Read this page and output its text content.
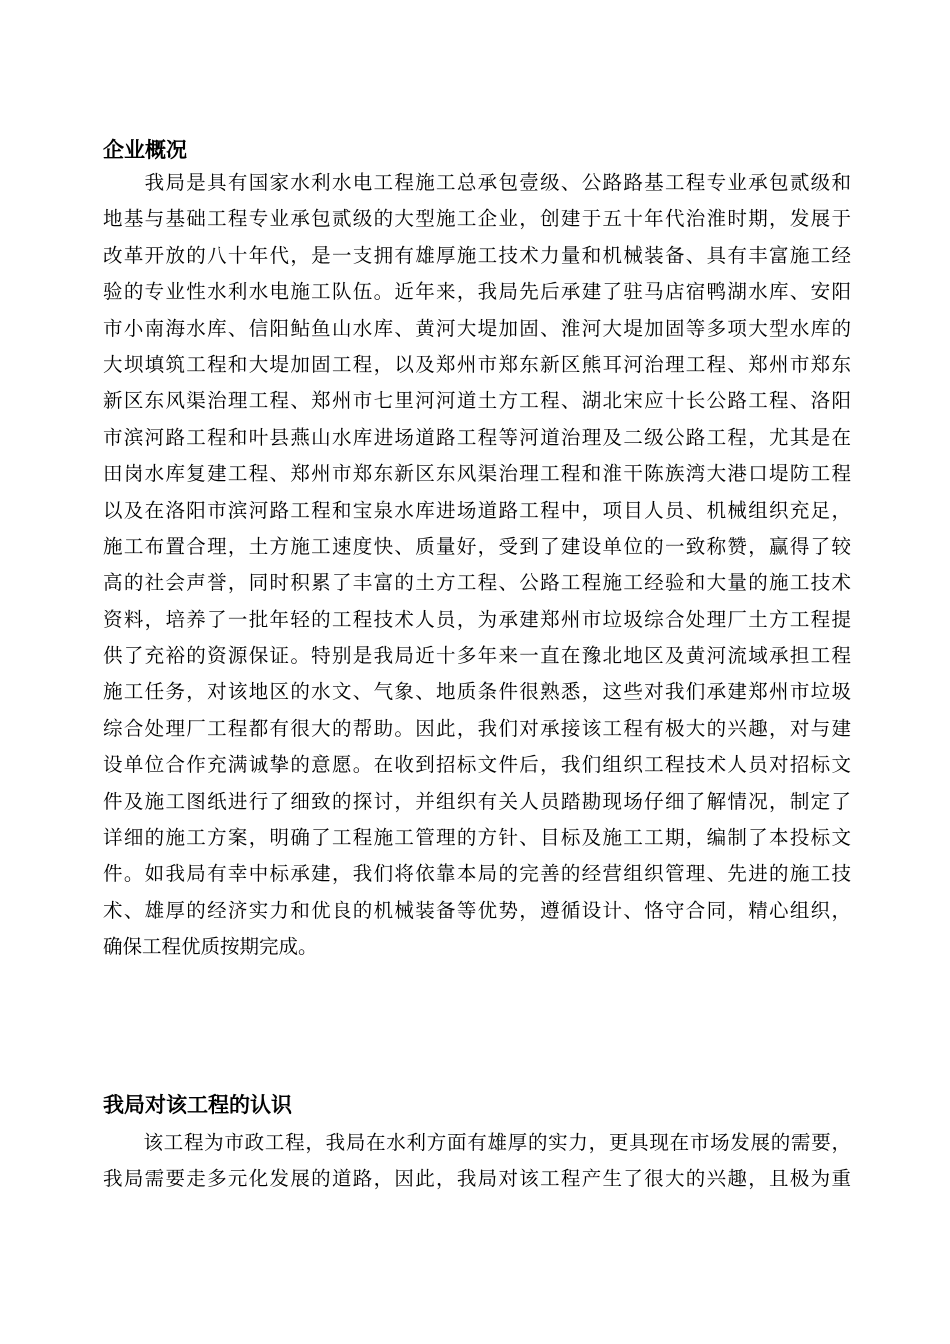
企业概况
　　我局是具有国家水利水电工程施工总承包壹级、公路路基工程专业承包贰级和
地基与基础工程专业承包贰级的大型施工企业，创建于五十年代治淮时期，发展于
改革开放的八十年代，是一支拥有雄厚施工技术力量和机械装备、具有丰富施工经
验的专业性水利水电施工队伍。近年来，我局先后承建了驻马店宿鸭湖水库、安阳
市小南海水库、信阳鲇鱼山水库、黄河大堤加固、淮河大堤加固等多项大型水库的
大坝填筑工程和大堤加固工程，以及郑州市郑东新区熊耳河治理工程、郑州市郑东
新区东风渠治理工程、郑州市七里河河道土方工程、湖北宋应十长公路工程、洛阳
市滨河路工程和叶县燕山水库进场道路工程等河道治理及二级公路工程，尤其是在
田岗水库复建工程、郑州市郑东新区东风渠治理工程和淮干陈族湾大港口堤防工程
以及在洛阳市滨河路工程和宝泉水库进场道路工程中，项目人员、机械组织充足，
施工布置合理，土方施工速度快、质量好，受到了建设单位的一致称赞，赢得了较
高的社会声誉，同时积累了丰富的土方工程、公路工程施工经验和大量的施工技术
资料，培养了一批年轻的工程技术人员，为承建郑州市垃圾综合处理厂土方工程提
供了充裕的资源保证。特别是我局近十多年来一直在豫北地区及黄河流域承担工程
施工任务，对该地区的水文、气象、地质条件很熟悉，这些对我们承建郑州市垃圾
综合处理厂工程都有很大的帮助。因此，我们对承接该工程有极大的兴趣，对与建
设单位合作充满诚挚的意愿。在收到招标文件后，我们组织工程技术人员对招标文
件及施工图纸进行了细致的探讨，并组织有关人员踏勘现场仔细了解情况，制定了
详细的施工方案，明确了工程施工管理的方针、目标及施工工期，编制了本投标文
件。如我局有幸中标承建，我们将依靠本局的完善的经营组织管理、先进的施工技
术、雄厚的经济实力和优良的机械装备等优势，遵循设计、恪守合同，精心组织，
确保工程优质按期完成。
我局对该工程的认识
　　该工程为市政工程，我局在水利方面有雄厚的实力，更具现在市场发展的需要，
我局需要走多元化发展的道路，因此，我局对该工程产生了很大的兴趣，且极为重
